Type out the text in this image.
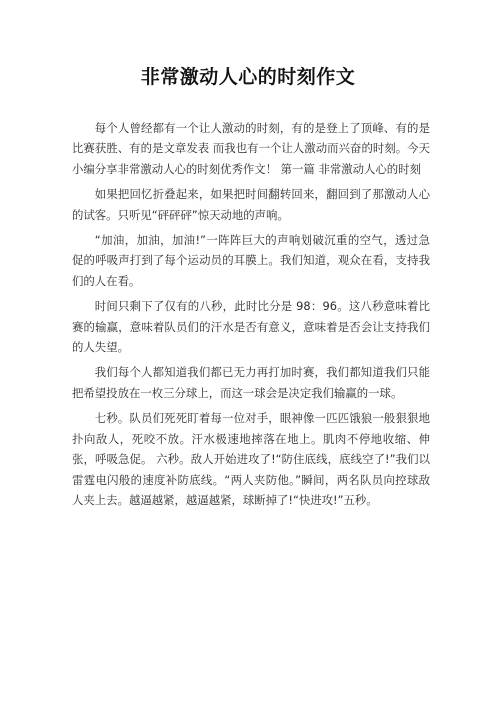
非常激动人心的时刻作文

每个人曾经都有一个让人激动的时刻，有的是登上了顶峰、有的是比赛获胜、有的是文章发表 而我也有一个让人激动而兴奋的时刻。今天小编分享非常激动人心的时刻优秀作文！ 第一篇 非常激动人心的时刻

如果把回忆折叠起来，如果把时间翻转回来，翻回到了那激动人心的试客。只听见“砰砰砰”惊天动地的声响。

“加油，加油，加油!”一阵阵巨大的声响划破沉重的空气，透过急促的呼吸声打到了每个运动员的耳膜上。我们知道，观众在看，支持我们的人在看。

时间只剩下了仅有的八秒，此时比分是 98：96。这八秒意味着比赛的输赢，意味着队员们的汗水是否有意义，意味着是否会让支持我们的人失望。

我们每个人都知道我们都已无力再打加时赛，我们都知道我们只能把希望投放在一枚三分球上，而这一球会是决定我们输赢的一球。

七秒。队员们死死盯着每一位对手，眼神像一匹匹饿狼一般狠狠地扑向敌人，死咬不放。汗水极速地摔落在地上。肌肉不停地收缩、伸张，呼吸急促。 六秒。敌人开始进攻了!“防住底线，底线空了!”我们以雷霆电闪般的速度补防底线。“两人夹防他。”瞬间，两名队员向控球敌人夹上去。越逼越紧，越逼越紧，球断掉了!“快进攻!”五秒。
